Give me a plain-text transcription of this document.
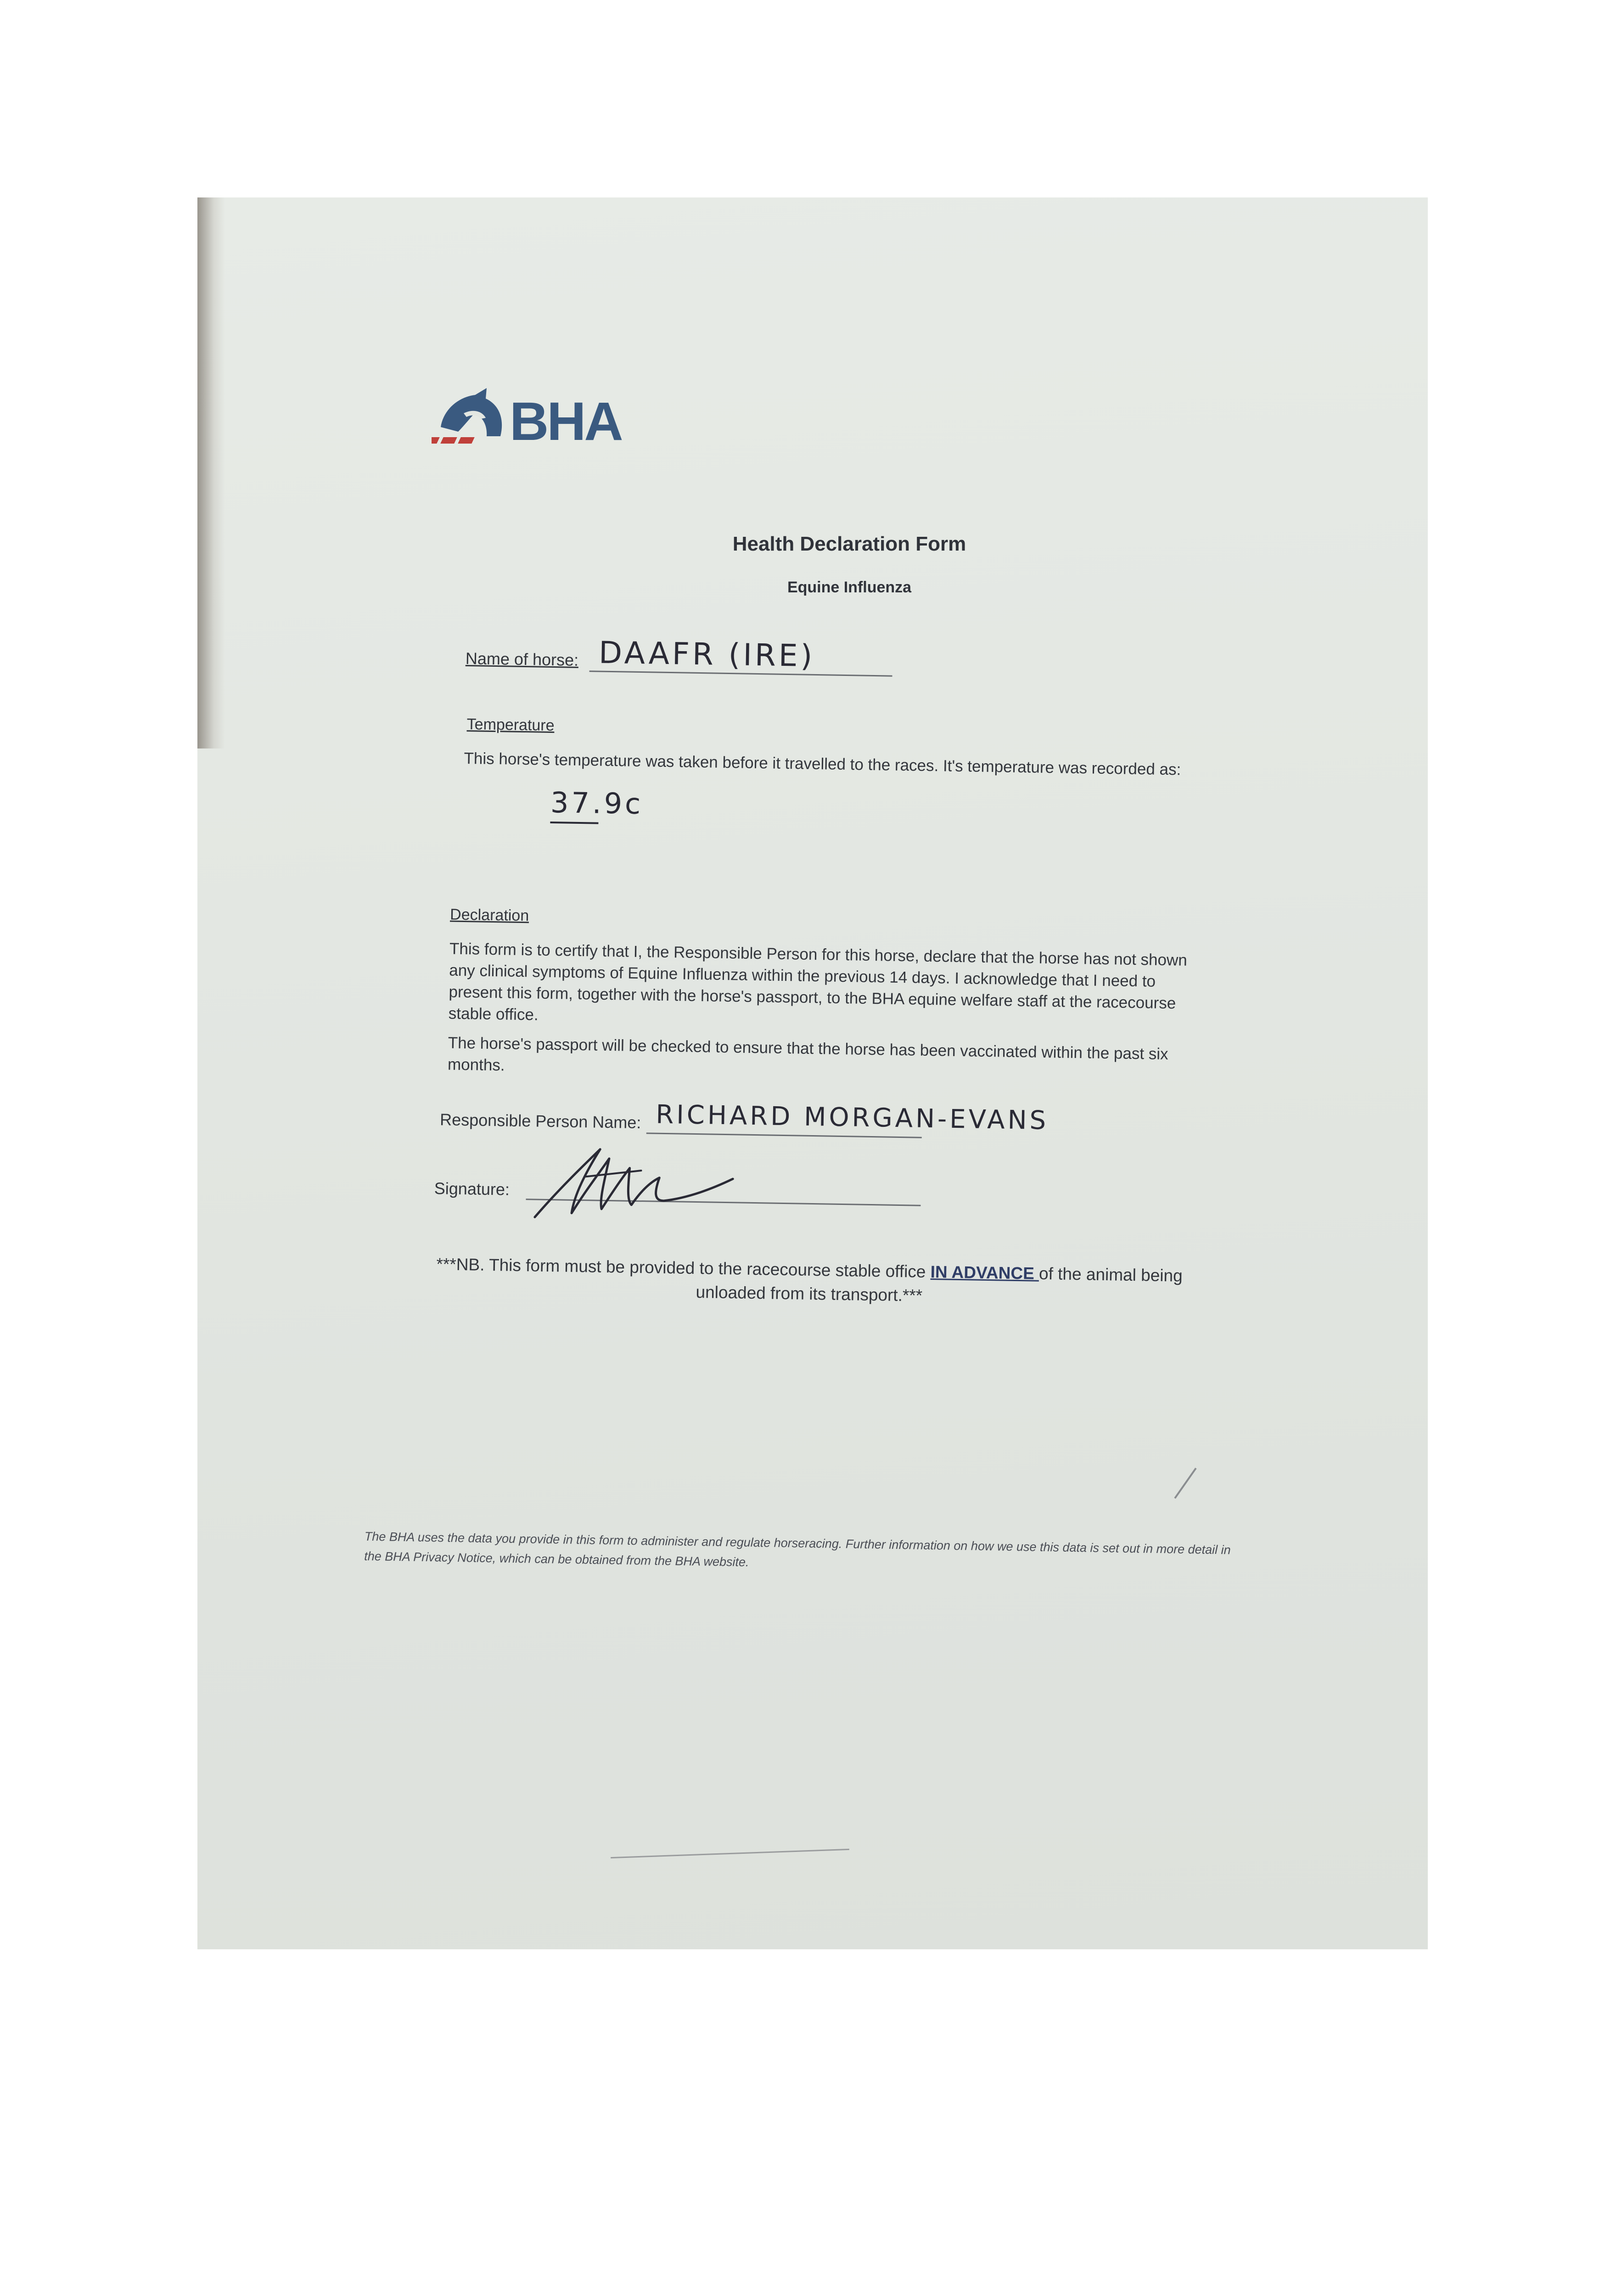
BHA
Health Declaration Form
Equine Influenza
Name of horse: DAAFR (IRE)
Temperature
This horse's temperature was taken before it travelled to the races. It's temperature was recorded as:
37.9c
Declaration
This form is to certify that I, the Responsible Person for this horse, declare that the horse has not shown any clinical symptoms of Equine Influenza within the previous 14 days. I acknowledge that I need to present this form, together with the horse's passport, to the BHA equine welfare staff at the racecourse stable office.
The horse's passport will be checked to ensure that the horse has been vaccinated within the past six months.
Responsible Person Name: RICHARD MORGAN-EVANS
Signature:
***NB. This form must be provided to the racecourse stable office IN ADVANCE of the animal being unloaded from its transport.***
The BHA uses the data you provide in this form to administer and regulate horseracing. Further information on how we use this data is set out in more detail in the BHA Privacy Notice, which can be obtained from the BHA website.
